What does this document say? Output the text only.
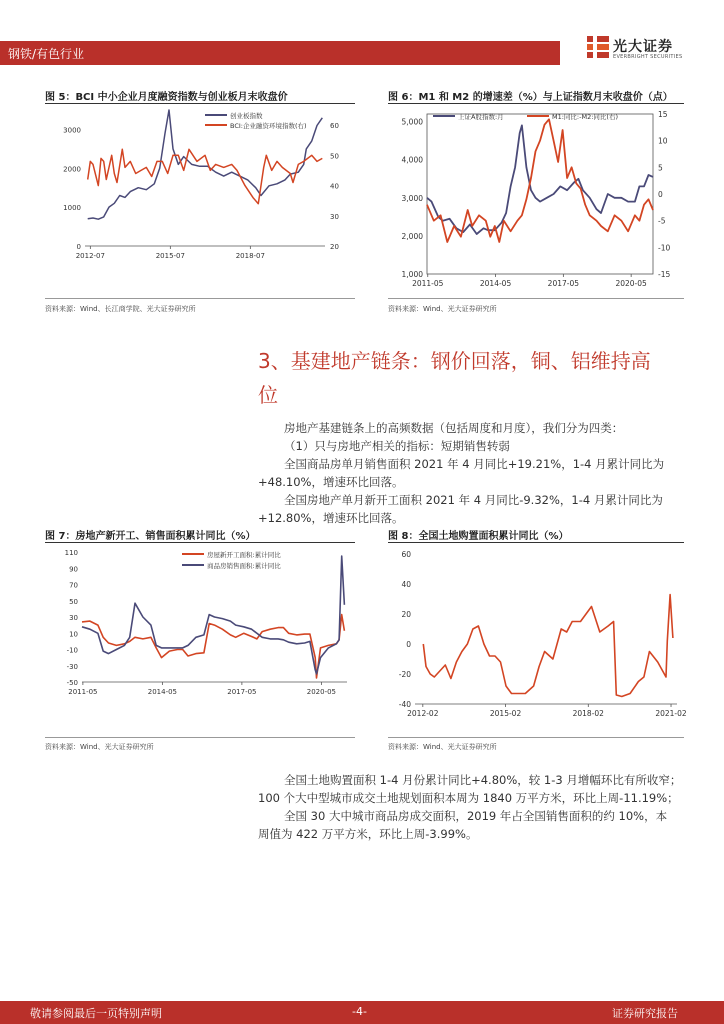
钢铁/有色行业	光大证券
EVERBRIGHT SECURITIES
图 5：BCI 中小企业月度融资指数与创业板月末收盘价
0
1000
2000
3000
20
30
40
50
60
2012-07	2015-07	2018-07
创业板指数
BCI:企业融资环境指数(右)
资料来源：Wind、长江商学院、光大证券研究所
图 6：M1 和 M2 的增速差（%）与上证指数月末收盘价（点）
1,000
2,000
3,000
4,000
5,000
-15
-10
-5
0
5
10
15
2011-05	2014-05	2017-05	2020-05
上证A股指数:月	M1:同比:-M2:同比(右)
资料来源：Wind、光大证券研究所
3、基建地产链条：钢价回落，铜、铝维持高
位
房地产基建链条上的高频数据（包括周度和月度），我们分为四类：
（1）只与房地产相关的指标：短期销售转弱
全国商品房单月销售面积 2021 年 4 月同比+19.21%，1-4 月累计同比为
+48.10%，增速环比回落。
全国房地产单月新开工面积 2021 年 4 月同比-9.32%，1-4 月累计同比为
+12.80%，增速环比回落。
图 7：房地产新开工、销售面积累计同比（%）
-50
-30
-10
10
30
50
70
90
110
2011-05	2014-05	2017-05	2020-05
房屋新开工面积:累计同比
商品房销售面积:累计同比
资料来源：Wind、光大证券研究所
图 8：全国土地购置面积累计同比（%）
-40
-20
0
20
40
60
2012-02	2015-02	2018-02	2021-02
资料来源：Wind、光大证券研究所
全国土地购置面积 1-4 月份累计同比+4.80%，较 1-3 月增幅环比有所收窄；
100 个大中型城市成交土地规划面积本周为 1840 万平方米，环比上周-11.19%；
全国 30 大中城市商品房成交面积，2019 年占全国销售面积的约 10%，本
周值为 422 万平方米，环比上周-3.99%。
敬请参阅最后一页特别声明	-4-	证券研究报告
